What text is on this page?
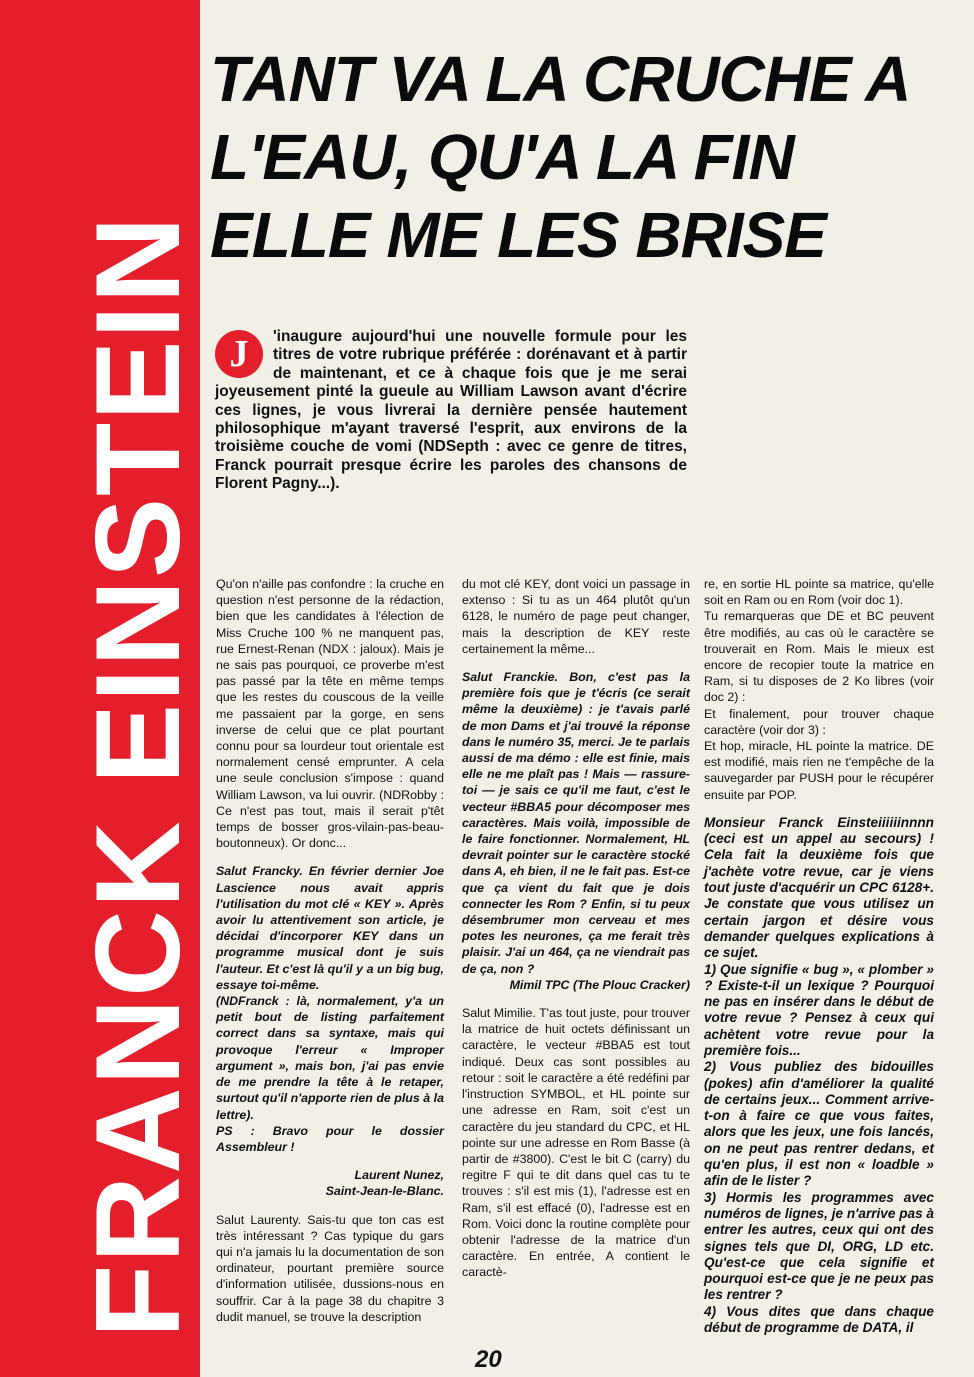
FRANCK EINSTEIN
TANT VA LA CRUCHE A
L'EAU, QU'A LA FIN
ELLE ME LES BRISE
J	'inaugure aujourd'hui une nouvelle formule pour les titres de votre rubrique préférée : dorénavant et à partir de maintenant, et ce à chaque fois que je me serai joyeusement pinté la gueule au William Lawson avant d'écrire ces lignes, je vous livrerai la dernière pensée hautement philosophique m'ayant traversé l'esprit, aux environs de la troisième couche de vomi (NDSepth : avec ce genre de titres, Franck pourrait presque écrire les paroles des chansons de Florent Pagny...).

Qu'on n'aille pas confondre : la cruche en question n'est personne de la rédaction, bien que les candidates à l'élection de Miss Cruche 100 % ne manquent pas, rue Ernest-Renan (NDX : jaloux). Mais je ne sais pas pourquoi, ce proverbe m'est pas passé par la tête en même temps que les restes du couscous de la veille me passaient par la gorge, en sens inverse de celui que ce plat pourtant connu pour sa lourdeur tout orientale est normalement censé emprunter. A cela une seule conclusion s'impose : quand William Lawson, va lui ouvrir. (NDRobby : Ce n'est pas tout, mais il serait p'têt temps de bosser gros-vilain-pas-beau-boutonneux). Or donc...

Salut Francky. En février dernier Joe Lascience nous avait appris l'utilisation du mot clé « KEY ». Après avoir lu attentivement son article, je décidai d'incorporer KEY dans un programme musical dont je suis l'auteur. Et c'est là qu'il y a un big bug, essaye toi-même.

(NDFranck : là, normalement, y'a un petit bout de listing parfaitement correct dans sa syntaxe, mais qui provoque l'erreur « Improper argument », mais bon, j'ai pas envie de me prendre la tête à le retaper, surtout qu'il n'apporte rien de plus à la lettre).

PS : Bravo pour le dossier Assembleur !

Laurent Nunez,

Saint-Jean-le-Blanc.

Salut Laurenty. Sais-tu que ton cas est très intéressant ? Cas typique du gars qui n'a jamais lu la documentation de son ordinateur, pourtant première source d'information utilisée, dussions-nous en souffrir. Car à la page 38 du chapitre 3 dudit manuel, se trouve la description

du mot clé KEY, dont voici un passage in extenso : Si tu as un 464 plutôt qu'un 6128, le numéro de page peut changer, mais la description de KEY reste certainement la même...

Salut Franckie. Bon, c'est pas la première fois que je t'écris (ce serait même la deuxième) : je t'avais parlé de mon Dams et j'ai trouvé la réponse dans le numéro 35, merci. Je te parlais aussi de ma démo : elle est finie, mais elle ne me plaît pas ! Mais — rassure-toi — je sais ce qu'il me faut, c'est le vecteur #BBA5 pour décomposer mes caractères. Mais voilà, impossible de le faire fonctionner. Normalement, HL devrait pointer sur le caractère stocké dans A, eh bien, il ne le fait pas. Est-ce que ça vient du fait que je dois connecter les Rom ? Enfin, si tu peux désembrumer mon cerveau et mes potes les neurones, ça me ferait très plaisir. J'ai un 464, ça ne viendrait pas de ça, non ?

Mimil TPC (The Plouc Cracker)

Salut Mimilie. T'as tout juste, pour trouver la matrice de huit octets définissant un caractère, le vecteur #BBA5 est tout indiqué. Deux cas sont possibles au retour : soit le caractère a été redéfini par l'instruction SYMBOL, et HL pointe sur une adresse en Ram, soit c'est un caractère du jeu standard du CPC, et HL pointe sur une adresse en Rom Basse (à partir de #3800). C'est le bit C (carry) du regitre F qui te dit dans quel cas tu te trouves : s'il est mis (1), l'adresse est en Ram, s'il est effacé (0), l'adresse est en Rom. Voici donc la routine complète pour obtenir l'adresse de la matrice d'un caractère. En entrée, A contient le caractè-

re, en sortie HL pointe sa matrice, qu'elle soit en Ram ou en Rom (voir doc 1).

Tu remarqueras que DE et BC peuvent être modifiés, au cas où le caractère se trouverait en Rom. Mais le mieux est encore de recopier toute la matrice en Ram, si tu disposes de 2 Ko libres (voir doc 2) :

Et finalement, pour trouver chaque caractère (voir dor 3) :

Et hop, miracle, HL pointe la matrice. DE est modifié, mais rien ne t'empêche de la sauvegarder par PUSH pour le récupérer ensuite par POP.

Monsieur Franck Einsteiiiiiinnnn (ceci est un appel au secours) ! Cela fait la deuxième fois que j'achète votre revue, car je viens tout juste d'acquérir un CPC 6128+. Je constate que vous utilisez un certain jargon et désire vous demander quelques explications à ce sujet.

1) Que signifie « bug », « plomber » ? Existe-t-il un lexique ? Pourquoi ne pas en insérer dans le début de votre revue ? Pensez à ceux qui achètent votre revue pour la première fois...

2) Vous publiez des bidouilles (pokes) afin d'améliorer la qualité de certains jeux... Comment arrive-t-on à faire ce que vous faites, alors que les jeux, une fois lancés, on ne peut pas rentrer dedans, et qu'en plus, il est non « loadble » afin de le lister ?

3) Hormis les programmes avec numéros de lignes, je n'arrive pas à entrer les autres, ceux qui ont des signes tels que DI, ORG, LD etc. Qu'est-ce que cela signifie et pourquoi est-ce que je ne peux pas les rentrer ?

4) Vous dites que dans chaque début de programme de DATA, il

20
